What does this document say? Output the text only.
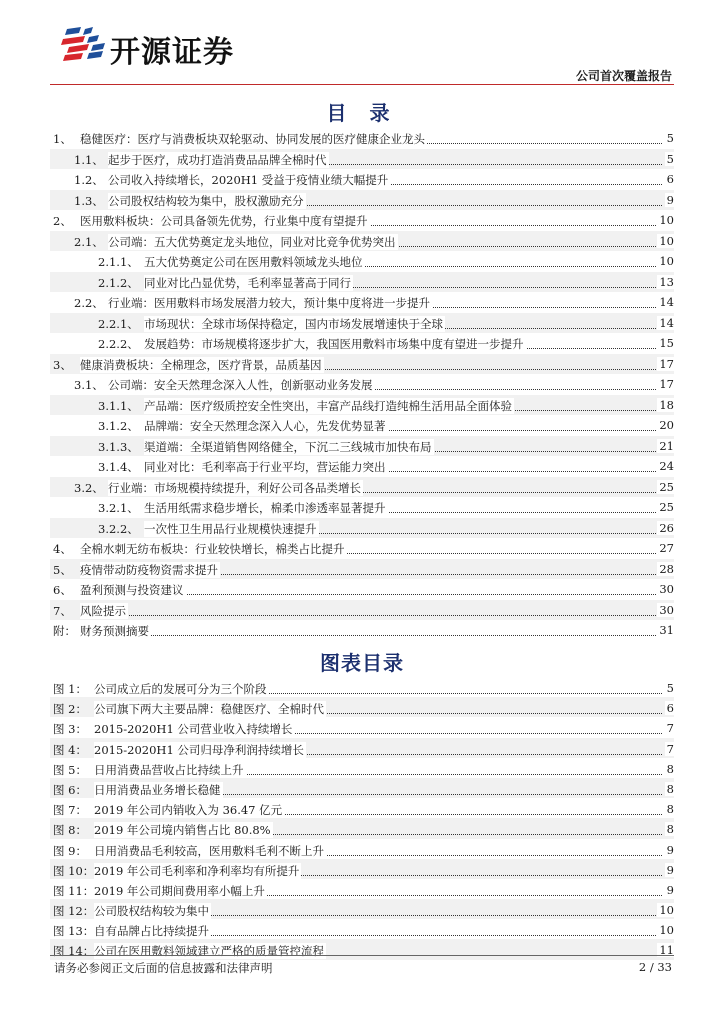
开源证券
公司首次覆盖报告
目 录
1、 稳健医疗：医疗与消费板块双轮驱动、协同发展的医疗健康企业龙头	5
1.1、 起步于医疗，成功打造消费品品牌全棉时代	5
1.2、 公司收入持续增长，2020H1 受益于疫情业绩大幅提升	6
1.3、 公司股权结构较为集中，股权激励充分	9
2、 医用敷料板块：公司具备领先优势，行业集中度有望提升	10
2.1、 公司端：五大优势奠定龙头地位，同业对比竞争优势突出	10
2.1.1、 五大优势奠定公司在医用敷料领域龙头地位	10
2.1.2、 同业对比凸显优势，毛利率显著高于同行	13
2.2、 行业端：医用敷料市场发展潜力较大，预计集中度将进一步提升	14
2.2.1、 市场现状：全球市场保持稳定，国内市场发展增速快于全球	14
2.2.2、 发展趋势：市场规模将逐步扩大，我国医用敷料市场集中度有望进一步提升	15
3、 健康消费板块：全棉理念，医疗背景，品质基因	17
3.1、 公司端：安全天然理念深入人性，创新驱动业务发展	17
3.1.1、 产品端：医疗级质控安全性突出，丰富产品线打造纯棉生活用品全面体验	18
3.1.2、 品牌端：安全天然理念深入人心，先发优势显著	20
3.1.3、 渠道端：全渠道销售网络健全，下沉二三线城市加快布局	21
3.1.4、 同业对比：毛利率高于行业平均，营运能力突出	24
3.2、 行业端：市场规模持续提升，利好公司各品类增长	25
3.2.1、 生活用纸需求稳步增长，棉柔巾渗透率显著提升	25
3.2.2、 一次性卫生用品行业规模快速提升	26
4、 全棉水刺无纺布板块：行业较快增长，棉类占比提升	27
5、 疫情带动防疫物资需求提升	28
6、 盈利预测与投资建议	30
7、 风险提示	30
附： 财务预测摘要	31
图表目录
图 1： 公司成立后的发展可分为三个阶段	5
图 2： 公司旗下两大主要品牌：稳健医疗、全棉时代	6
图 3： 2015-2020H1 公司营业收入持续增长	7
图 4： 2015-2020H1 公司归母净利润持续增长	7
图 5： 日用消费品营收占比持续上升	8
图 6： 日用消费品业务增长稳健	8
图 7： 2019 年公司内销收入为 36.47 亿元	8
图 8： 2019 年公司境内销售占比 80.8%	8
图 9： 日用消费品毛利较高，医用敷料毛利不断上升	9
图 10： 2019 年公司毛利率和净利率均有所提升	9
图 11： 2019 年公司期间费用率小幅上升	9
图 12： 公司股权结构较为集中	10
图 13： 自有品牌占比持续提升	10
图 14： 公司在医用敷料领域建立严格的质量管控流程	11
请务必参阅正文后面的信息披露和法律声明	2 / 33
